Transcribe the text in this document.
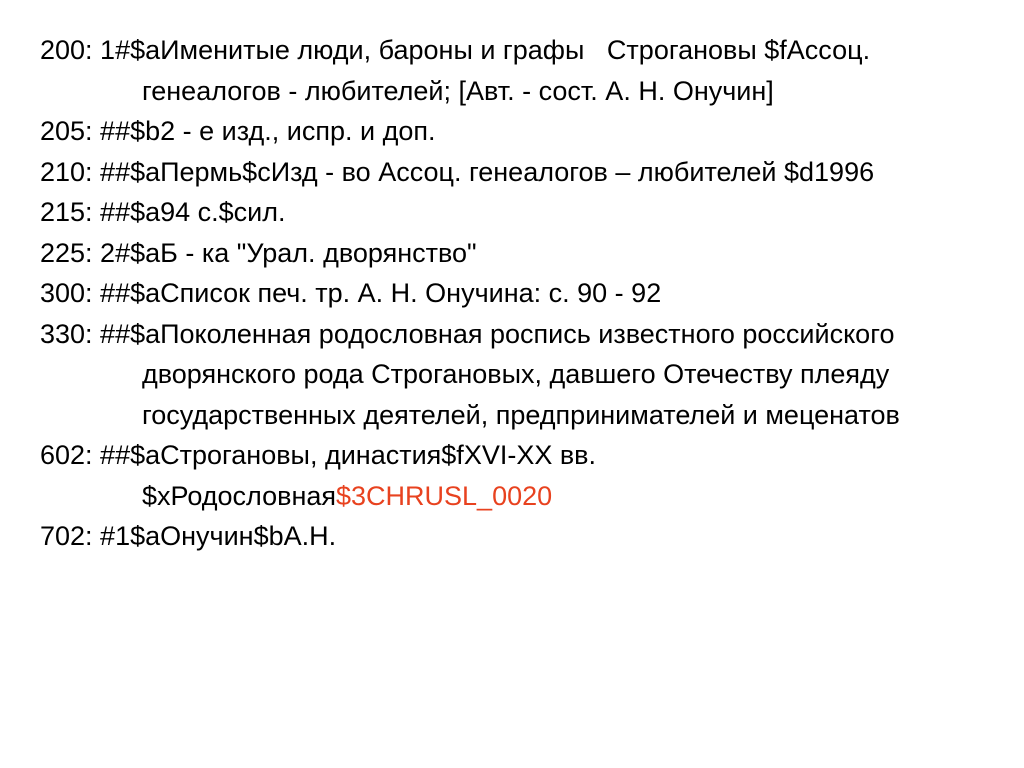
200: 1#$aИменитые люди, бароны и графы   Строгановы $fАссоц. генеалогов - любителей; [Авт. - сост. А. Н. Онучин]
205: ##$b2 - е изд., испр. и доп.
210: ##$aПермь$cИзд - во Ассоц. генеалогов – любителей $d1996
215: ##$a94 с.$cил.
225: 2#$aБ - ка "Урал. дворянство"
300: ##$aСписок печ. тр. А. Н. Онучина: с. 90 - 92
330: ##$aПоколенная родословная роспись известного российского дворянского рода Строгановых, давшего Отечеству плеяду государственных деятелей, предпринимателей и меценатов
602: ##$aСтрогановы, династия$fXVI-XX вв. $xРодословная$3CHRUSL_0020
702: #1$aОнучин$bА.Н.
